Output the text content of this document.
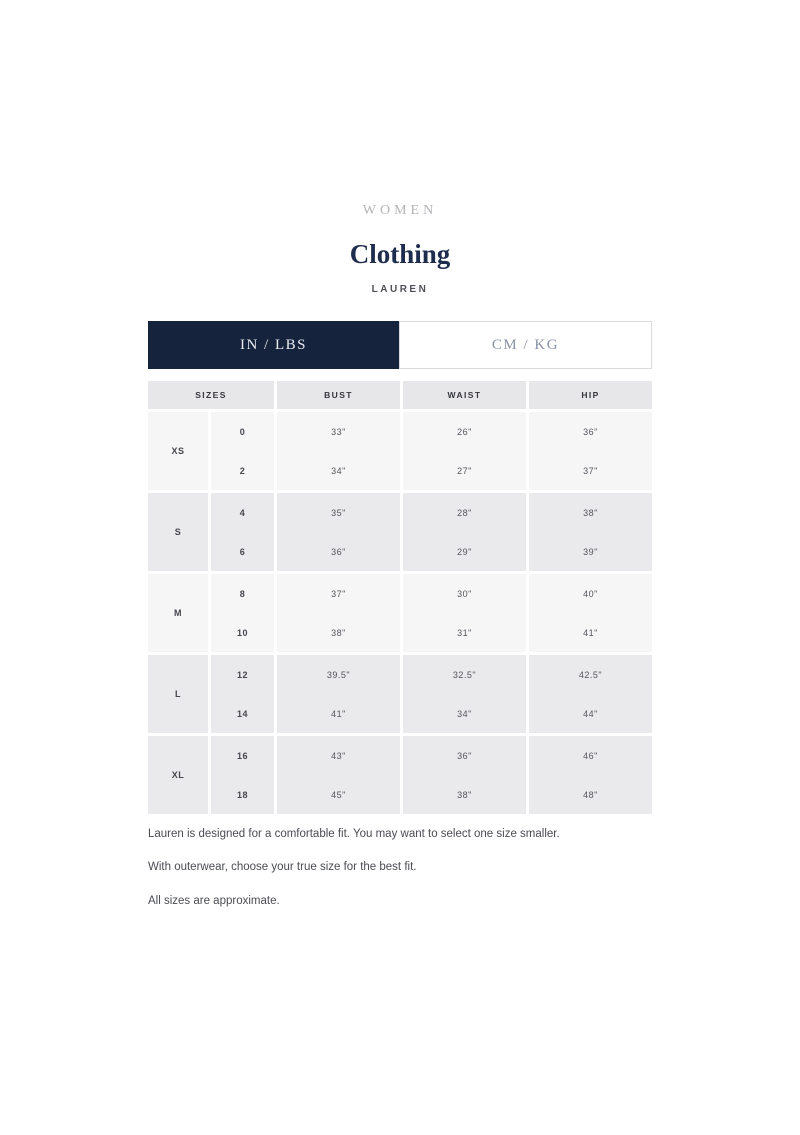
WOMEN
Clothing
LAUREN
IN / LBS	CM / KG
SIZES	BUST	WAIST	HIP
XS
0	33"	26"	36"
2	34"	27"	37"
S
4	35"	28"	38"
6	36"	29"	39"
M
8	37"	30"	40"
10	38"	31"	41"
L
12	39.5"	32.5"	42.5"
14	41"	34"	44"
XL
16	43"	36"	46"
18	45"	38"	48"

Lauren is designed for a comfortable fit. You may want to select one size smaller.

With outerwear, choose your true size for the best fit.

All sizes are approximate.
